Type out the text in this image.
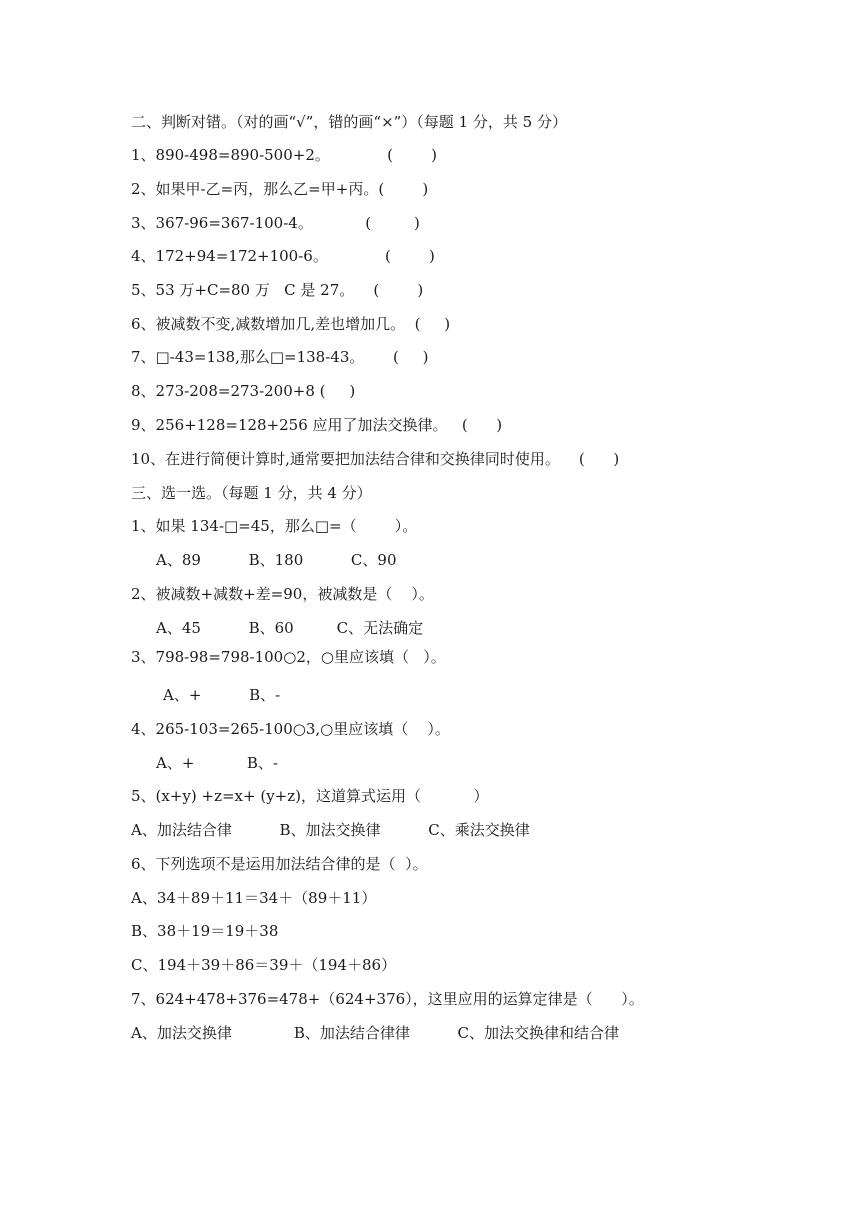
二、判断对错。（对的画“√”，错的画“×”）（每题 1 分，共 5 分）
1、890-498=890-500+2。            (        )
2、如果甲-乙=丙，那么乙=甲+丙。(        )
3、367-96=367-100-4。           (         )
4、172+94=172+100-6。            (        )
5、53 万+C=80 万   C 是 27。    (        )
6、被减数不变,减数增加几,差也增加几。  (     )
7、□-43=138,那么□=138-43。      (     )
8、273-208=273-200+8 (     )
9、256+128=128+256 应用了加法交换律。   (      )
10、在进行简便计算时,通常要把加法结合律和交换律同时使用。    (      )
三、选一选。（每题 1 分，共 4 分）
1、如果 134-□=45，那么□=（        ）。
A、89          B、180          C、90
2、被减数+减数+差=90，被减数是（    ）。
A、45          B、60         C、无法确定
3、798-98=798-100○2，○里应该填（   ）。
A、+          B、-
4、265-103=265-100○3,○里应该填（    ）。
A、+           B、-
5、(x+y) +z=x+ (y+z)，这道算式运用（           ）
A、加法结合律          B、加法交换律          C、乘法交换律
6、下列选项不是运用加法结合律的是（  ）。
A、34＋89＋11＝34＋（89＋11）
B、38＋19＝19＋38
C、194＋39＋86＝39＋（194＋86）
7、624+478+376=478+（624+376），这里应用的运算定律是（      ）。
A、加法交换律             B、加法结合律律          C、加法交换律和结合律
